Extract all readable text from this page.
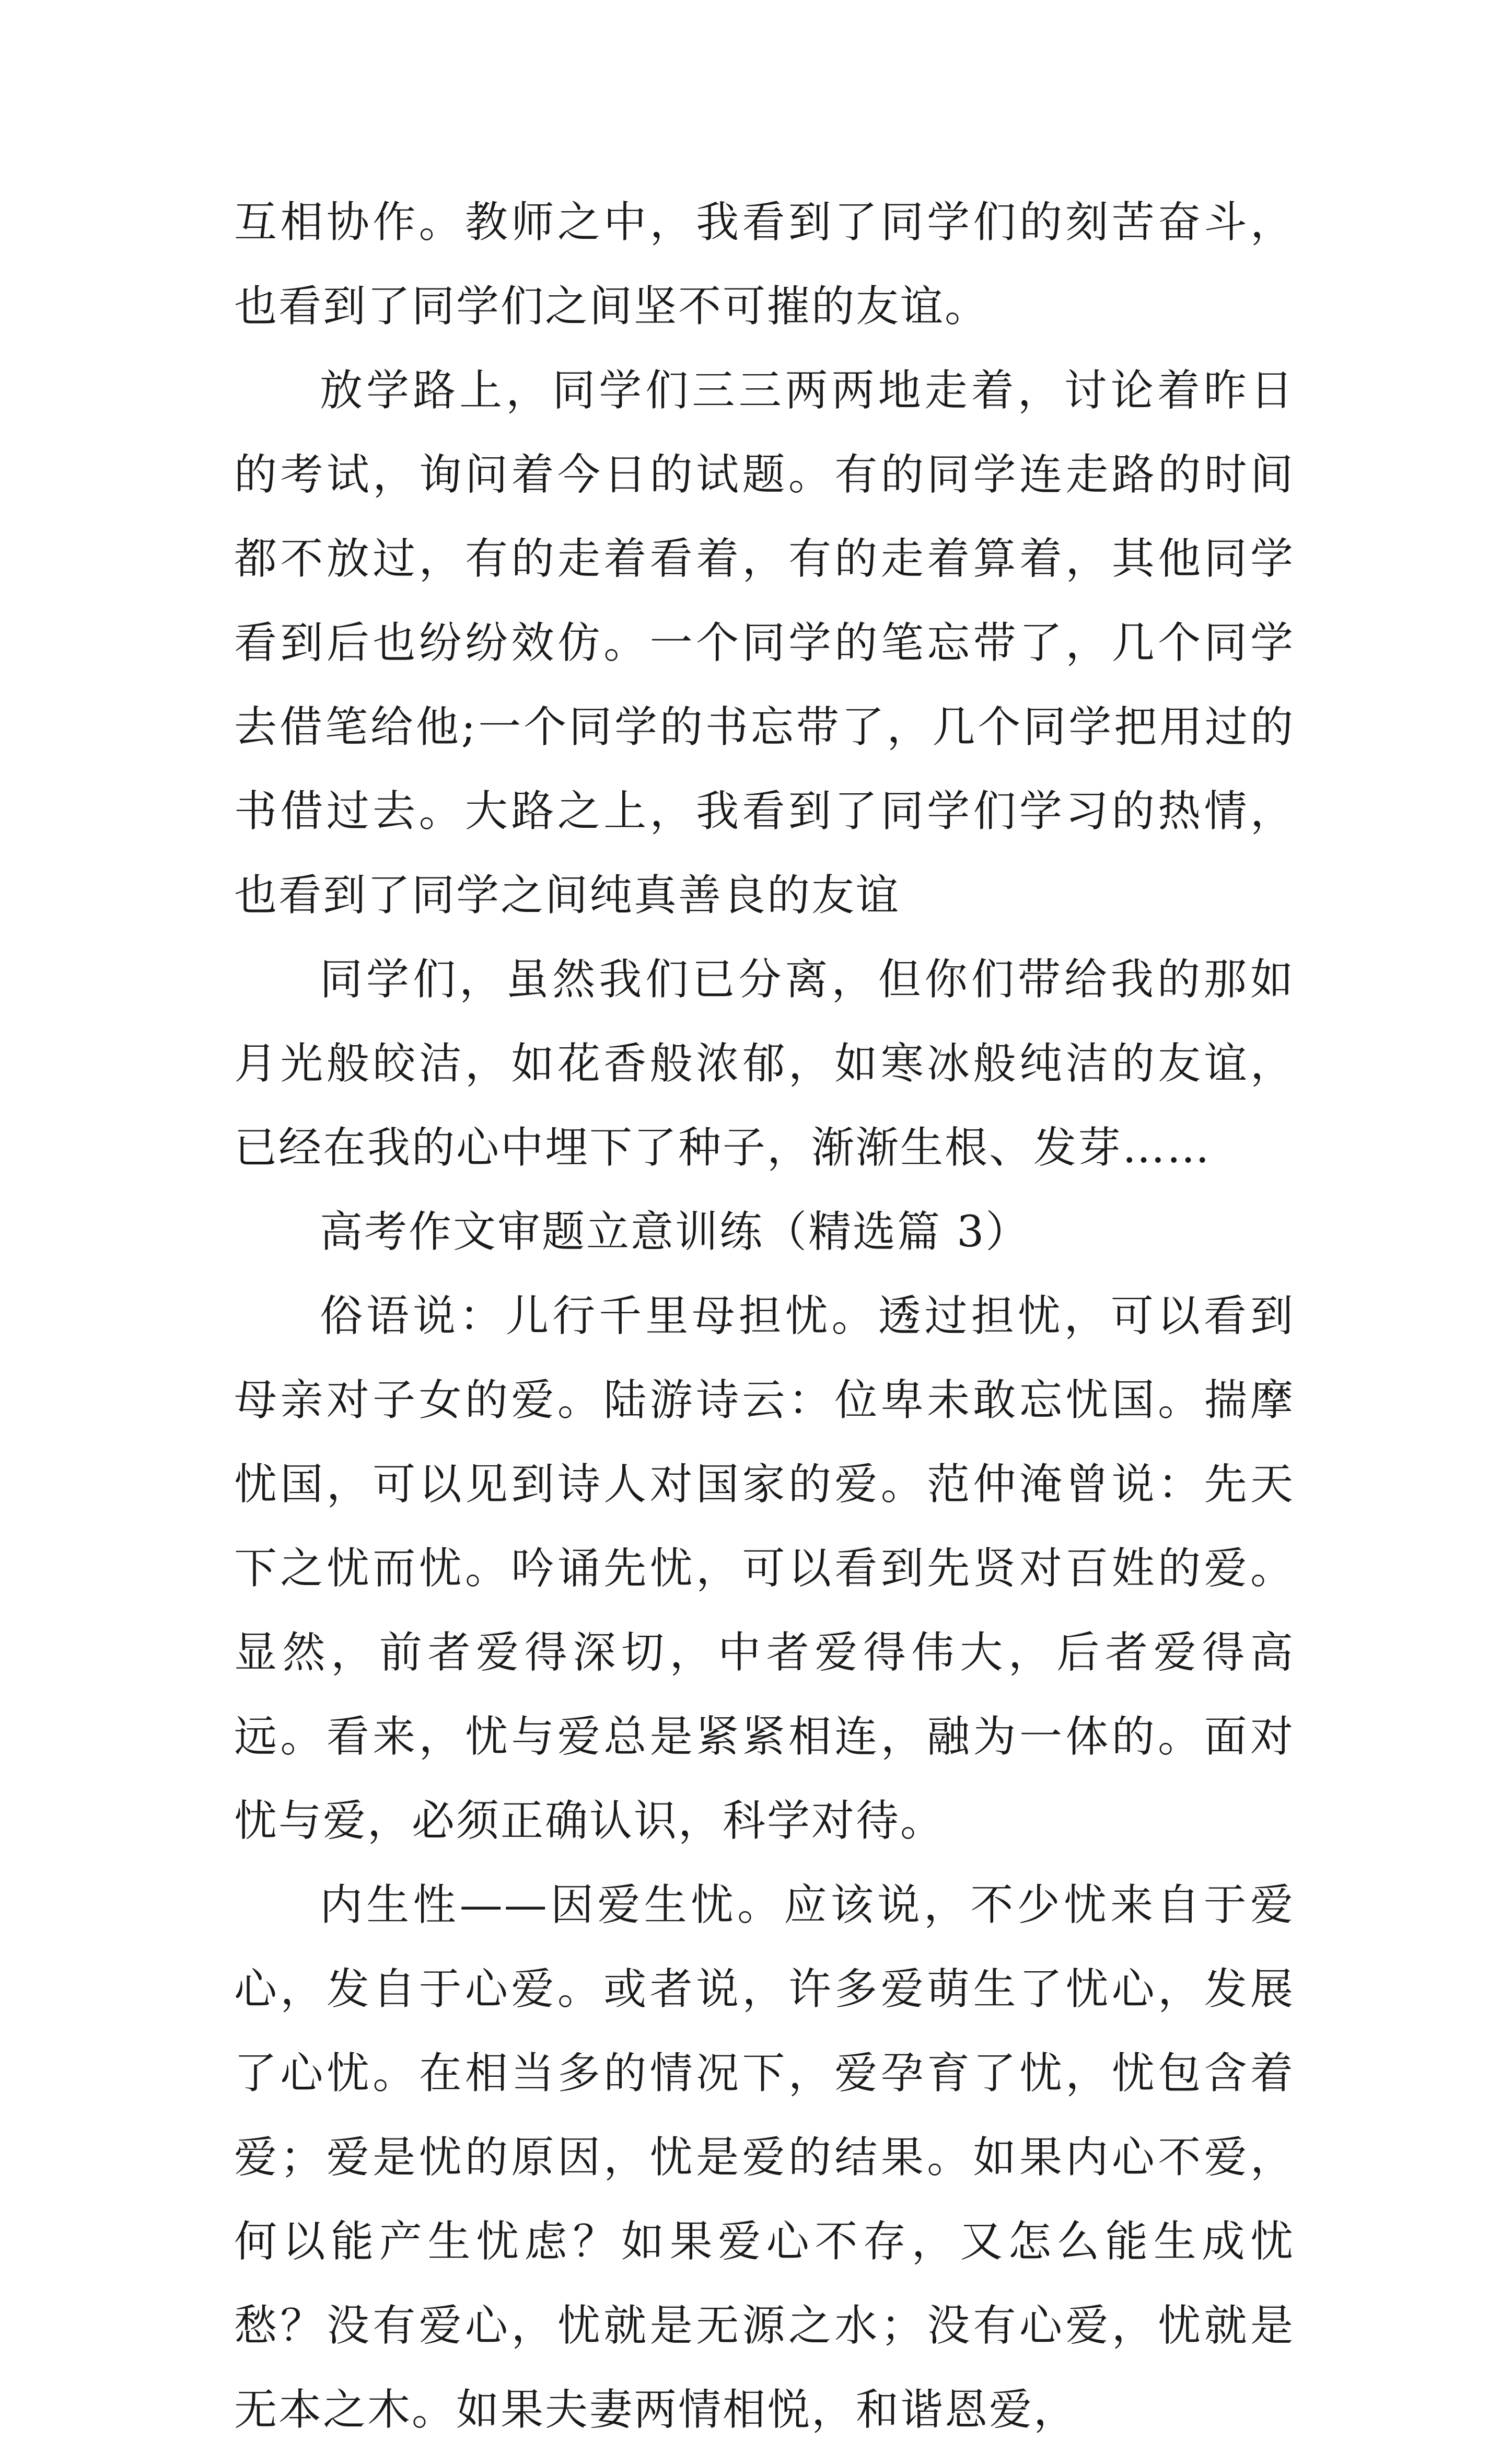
互相协作。教师之中，我看到了同学们的刻苦奋斗，也看到了同学们之间坚不可摧的友谊。

放学路上，同学们三三两两地走着，讨论着昨日的考试，询问着今日的试题。有的同学连走路的时间都不放过，有的走着看着，有的走着算着，其他同学看到后也纷纷效仿。一个同学的笔忘带了，几个同学去借笔给他;一个同学的书忘带了，几个同学把用过的书借过去。大路之上，我看到了同学们学习的热情，也看到了同学之间纯真善良的友谊

同学们，虽然我们已分离，但你们带给我的那如月光般皎洁，如花香般浓郁，如寒冰般纯洁的友谊，已经在我的心中埋下了种子，渐渐生根、发芽……

高考作文审题立意训练（精选篇 3）

俗语说：儿行千里母担忧。透过担忧，可以看到母亲对子女的爱。陆游诗云：位卑未敢忘忧国。揣摩忧国，可以见到诗人对国家的爱。范仲淹曾说：先天下之忧而忧。吟诵先忧，可以看到先贤对百姓的爱。显然，前者爱得深切，中者爱得伟大，后者爱得高远。看来，忧与爱总是紧紧相连，融为一体的。面对忧与爱，必须正确认识，科学对待。

内生性——因爱生忧。应该说，不少忧来自于爱心，发自于心爱。或者说，许多爱萌生了忧心，发展了心忧。在相当多的情况下，爱孕育了忧，忧包含着爱；爱是忧的原因，忧是爱的结果。如果内心不爱，何以能产生忧虑？如果爱心不存，又怎么能生成忧愁？没有爱心，忧就是无源之水；没有心爱，忧就是无本之木。如果夫妻两情相悦，和谐恩爱，
